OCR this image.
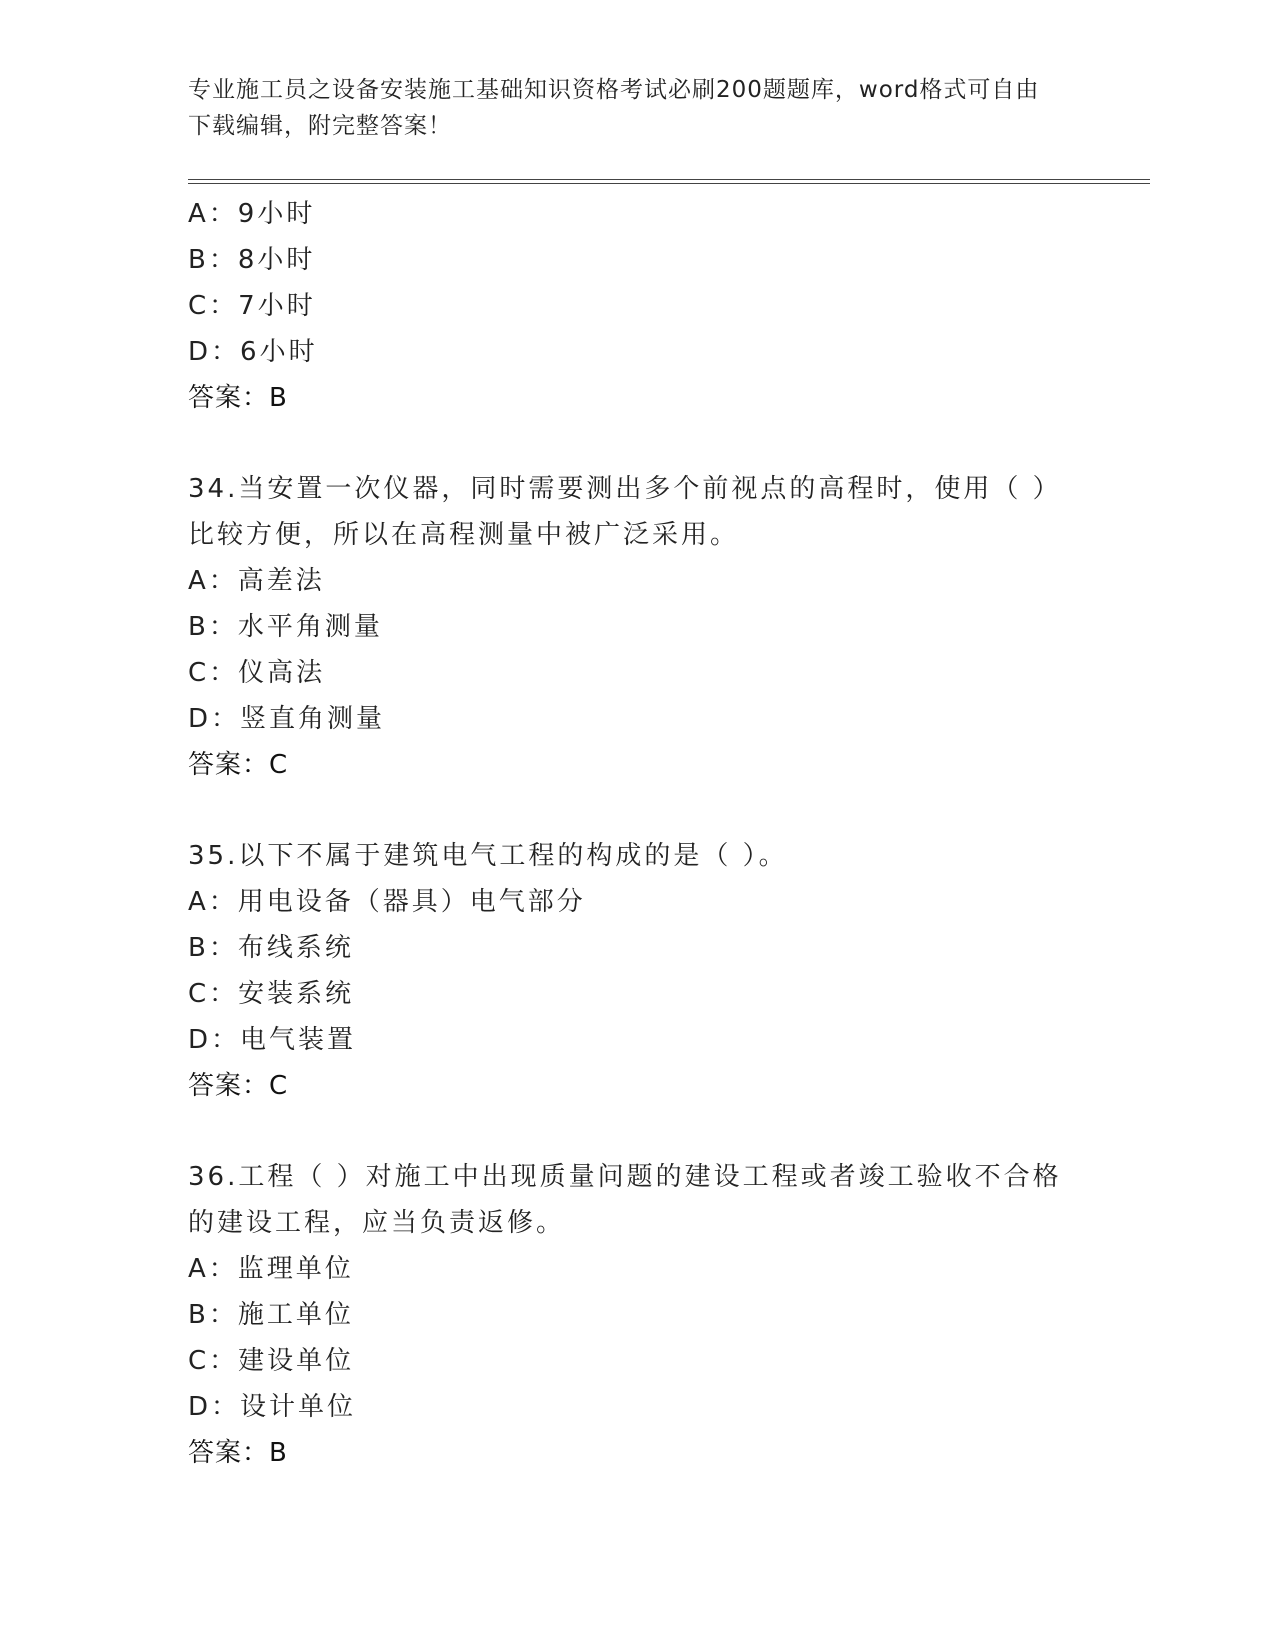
专业施工员之设备安装施工基础知识资格考试必刷200题题库，word格式可自由
下载编辑，附完整答案！
A：9小时
B：8小时
C：7小时
D：6小时
答案：B
34.当安置一次仪器，同时需要测出多个前视点的高程时，使用（ ）
比较方便，所以在高程测量中被广泛采用。
A：高差法
B：水平角测量
C：仪高法
D：竖直角测量
答案：C
35.以下不属于建筑电气工程的构成的是（ ）。
A：用电设备（器具）电气部分
B：布线系统
C：安装系统
D：电气装置
答案：C
36.工程（ ）对施工中出现质量问题的建设工程或者竣工验收不合格
的建设工程，应当负责返修。
A：监理单位
B：施工单位
C：建设单位
D：设计单位
答案：B
